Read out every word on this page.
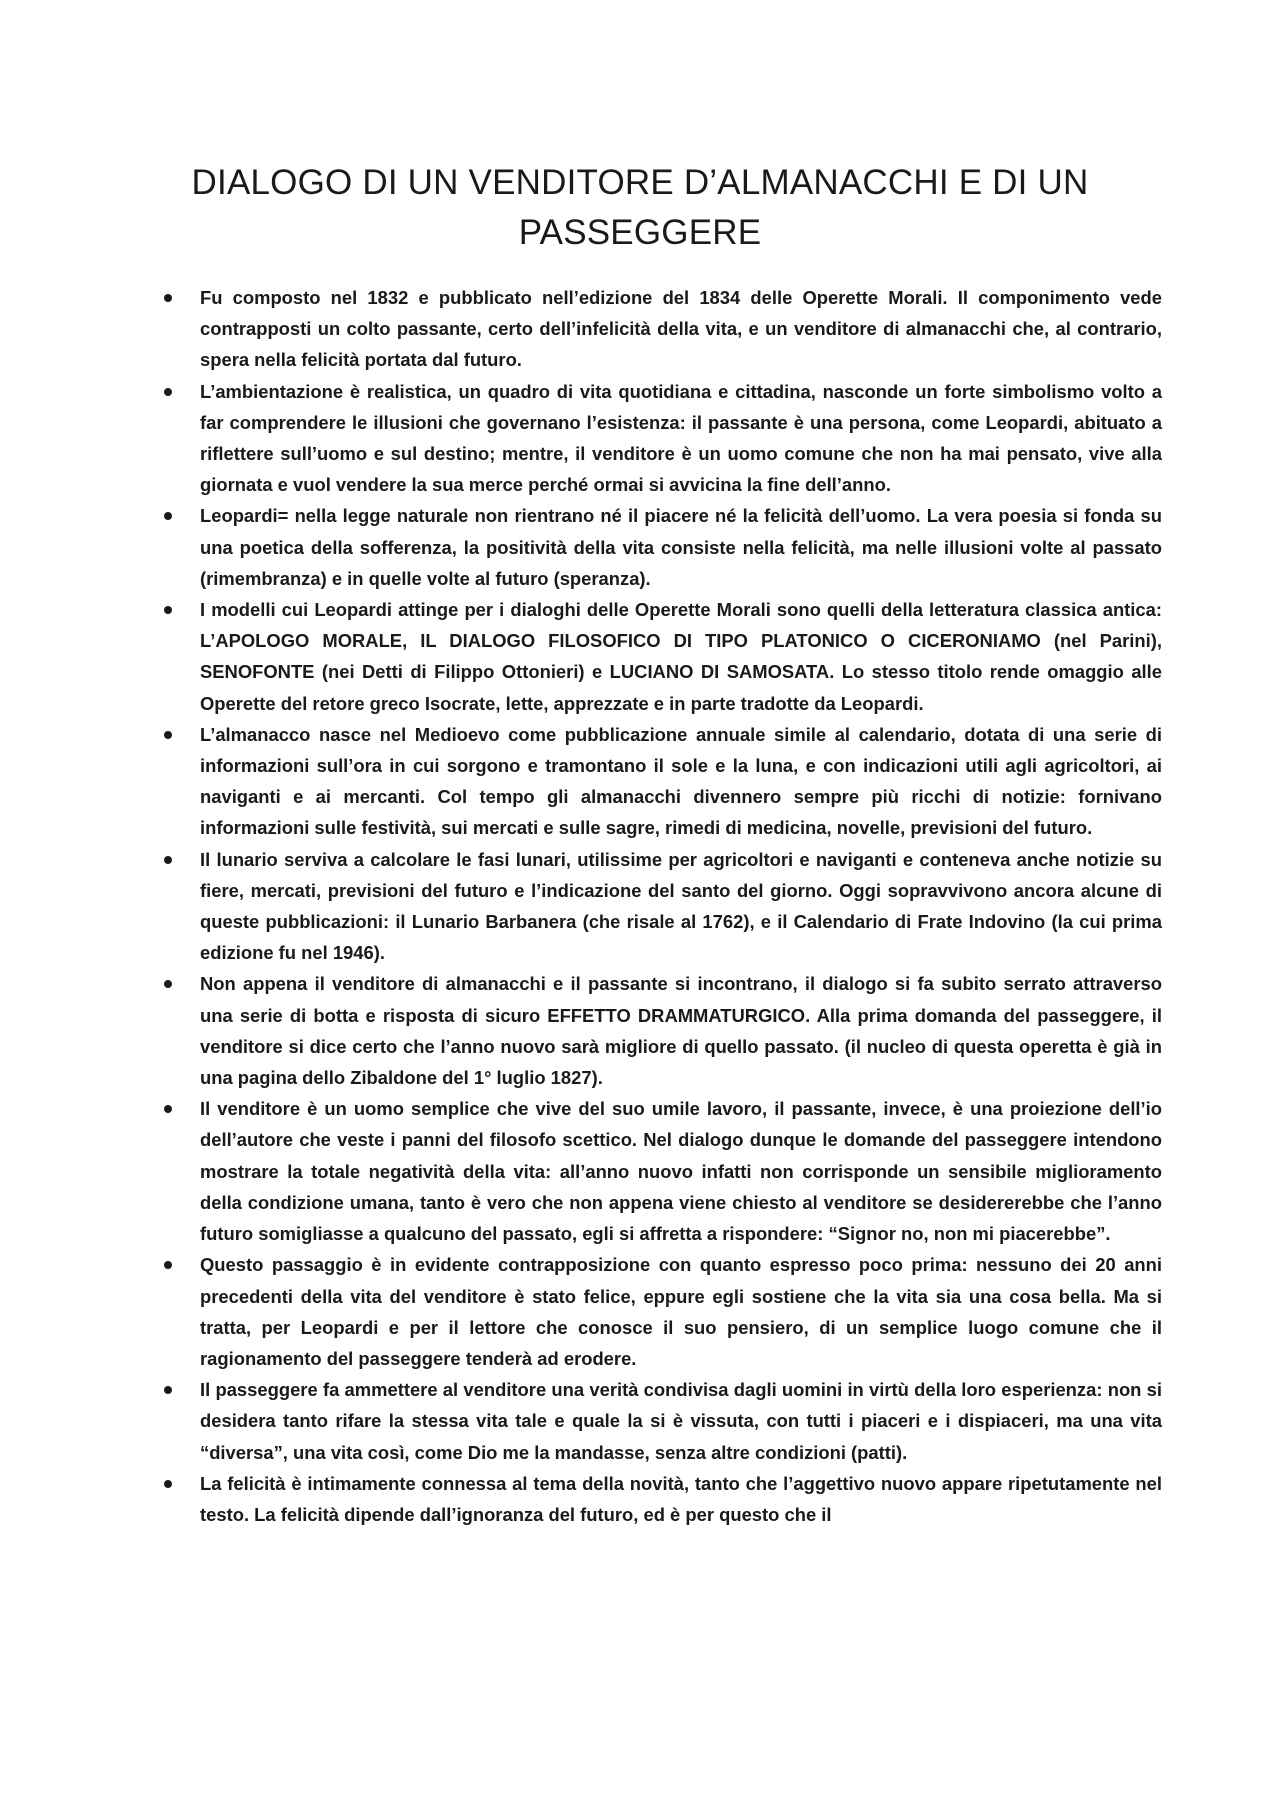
DIALOGO DI UN VENDITORE D’ALMANACCHI E DI UN PASSEGGERE
Fu composto nel 1832 e pubblicato nell’edizione del 1834 delle Operette Morali. Il componimento vede contrapposti un colto passante, certo dell’infelicità della vita, e un venditore di almanacchi che, al contrario, spera nella felicità portata dal futuro.
L’ambientazione è realistica, un quadro di vita quotidiana e cittadina, nasconde un forte simbolismo volto a far comprendere le illusioni che governano l’esistenza: il passante è una persona, come Leopardi, abituato a riflettere sull’uomo e sul destino; mentre, il venditore è un uomo comune che non ha mai pensato, vive alla giornata e vuol vendere la sua merce perché ormai si avvicina la fine dell’anno.
Leopardi= nella legge naturale non rientrano né il piacere né la felicità dell’uomo. La vera poesia si fonda su una poetica della sofferenza, la positività della vita consiste nella felicità, ma nelle illusioni volte al passato (rimembranza) e in quelle volte al futuro (speranza).
I modelli cui Leopardi attinge per i dialoghi delle Operette Morali sono quelli della letteratura classica antica: L’APOLOGO MORALE, IL DIALOGO FILOSOFICO DI TIPO PLATONICO O CICERONIAMO (nel Parini), SENOFONTE (nei Detti di Filippo Ottonieri) e LUCIANO DI SAMOSATA. Lo stesso titolo rende omaggio alle Operette del retore greco Isocrate, lette, apprezzate e in parte tradotte da Leopardi.
L’almanacco nasce nel Medioevo come pubblicazione annuale simile al calendario, dotata di una serie di informazioni sull’ora in cui sorgono e tramontano il sole e la luna, e con indicazioni utili agli agricoltori, ai naviganti e ai mercanti. Col tempo gli almanacchi divennero sempre più ricchi di notizie: fornivano informazioni sulle festività, sui mercati e sulle sagre, rimedi di medicina, novelle, previsioni del futuro.
Il lunario serviva a calcolare le fasi lunari, utilissime per agricoltori e naviganti e conteneva anche notizie su fiere, mercati, previsioni del futuro e l’indicazione del santo del giorno. Oggi sopravvivono ancora alcune di queste pubblicazioni: il Lunario Barbanera (che risale al 1762), e il Calendario di Frate Indovino (la cui prima edizione fu nel 1946).
Non appena il venditore di almanacchi e il passante si incontrano, il dialogo si fa subito serrato attraverso una serie di botta e risposta di sicuro EFFETTO DRAMMATURGICO. Alla prima domanda del passeggere, il venditore si dice certo che l’anno nuovo sarà migliore di quello passato. (il nucleo di questa operetta è già in una pagina dello Zibaldone del 1° luglio 1827).
Il venditore è un uomo semplice che vive del suo umile lavoro, il passante, invece, è una proiezione dell’io dell’autore che veste i panni del filosofo scettico. Nel dialogo dunque le domande del passeggere intendono mostrare la totale negatività della vita: all’anno nuovo infatti non corrisponde un sensibile miglioramento della condizione umana, tanto è vero che non appena viene chiesto al venditore se desidererebbe che l’anno futuro somigliasse a qualcuno del passato, egli si affretta a rispondere: “Signor no, non mi piacerebbe”.
Questo passaggio è in evidente contrapposizione con quanto espresso poco prima: nessuno dei 20 anni precedenti della vita del venditore è stato felice, eppure egli sostiene che la vita sia una cosa bella. Ma si tratta, per Leopardi e per il lettore che conosce il suo pensiero, di un semplice luogo comune che il ragionamento del passeggere tenderà ad erodere.
Il passeggere fa ammettere al venditore una verità condivisa dagli uomini in virtù della loro esperienza: non si desidera tanto rifare la stessa vita tale e quale la si è vissuta, con tutti i piaceri e i dispiaceri, ma una vita “diversa”, una vita così, come Dio me la mandasse, senza altre condizioni (patti).
La felicità è intimamente connessa al tema della novità, tanto che l’aggettivo nuovo appare ripetutamente nel testo. La felicità dipende dall’ignoranza del futuro, ed è per questo che il
